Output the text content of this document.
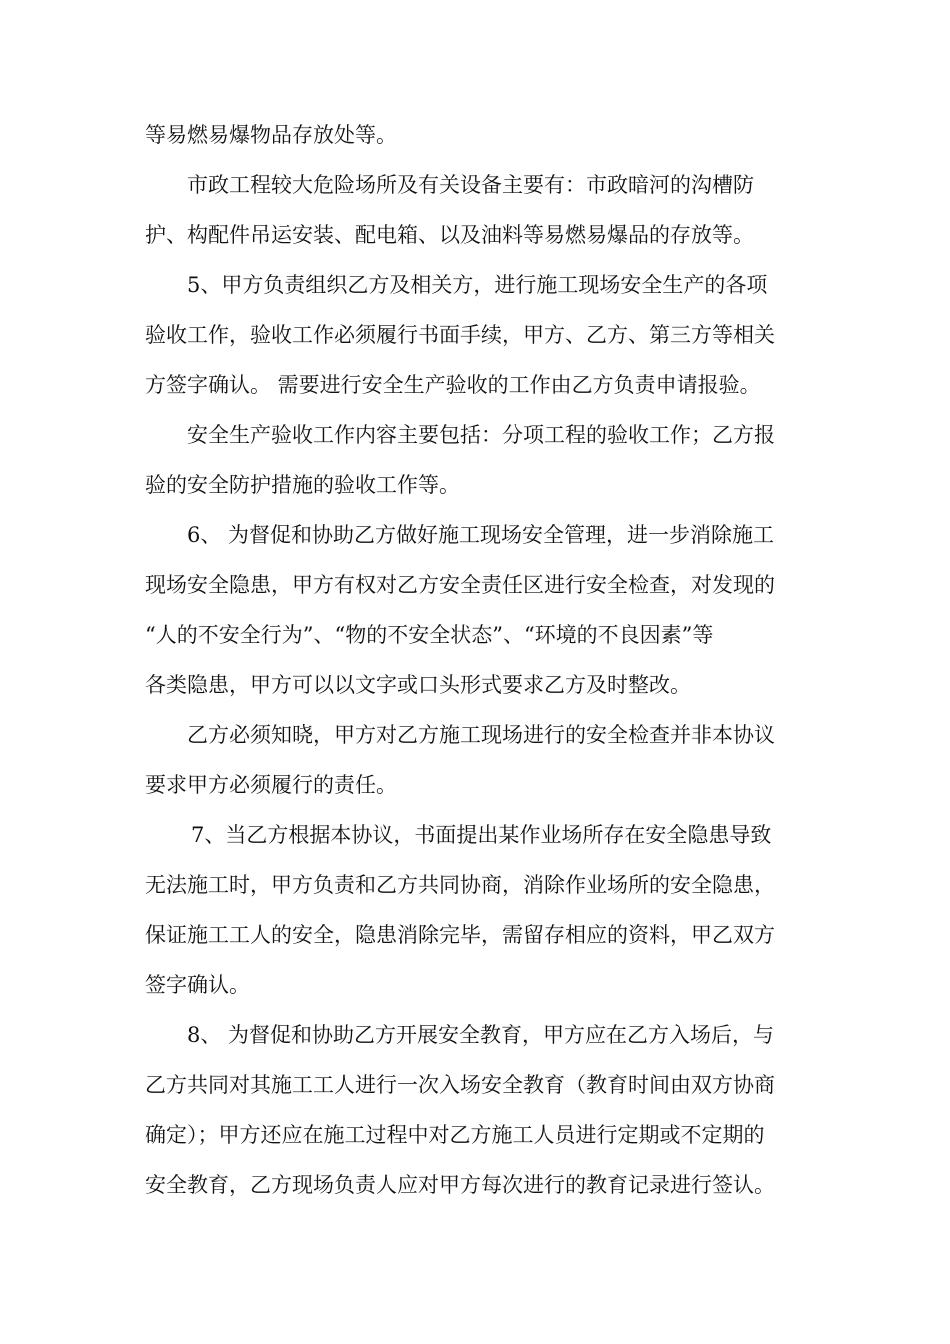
等易燃易爆物品存放处等。
市政工程较大危险场所及有关设备主要有：市政暗河的沟槽防
护、构配件吊运安装、配电箱、以及油料等易燃易爆品的存放等。
5、甲方负责组织乙方及相关方，进行施工现场安全生产的各项
验收工作，验收工作必须履行书面手续，甲方、乙方、第三方等相关
方签字确认。 需要进行安全生产验收的工作由乙方负责申请报验。
安全生产验收工作内容主要包括：分项工程的验收工作；乙方报
验的安全防护措施的验收工作等。
6、 为督促和协助乙方做好施工现场安全管理，进一步消除施工
现场安全隐患，甲方有权对乙方安全责任区进行安全检查，对发现的
“人的不安全行为”、“物的不安全状态”、“环境的不良因素”等
各类隐患，甲方可以以文字或口头形式要求乙方及时整改。
乙方必须知晓，甲方对乙方施工现场进行的安全检查并非本协议
要求甲方必须履行的责任。
7、当乙方根据本协议，书面提出某作业场所存在安全隐患导致
无法施工时，甲方负责和乙方共同协商，消除作业场所的安全隐患，
保证施工工人的安全，隐患消除完毕，需留存相应的资料，甲乙双方
签字确认。
8、 为督促和协助乙方开展安全教育，甲方应在乙方入场后，与
乙方共同对其施工工人进行一次入场安全教育（教育时间由双方协商
确定）；甲方还应在施工过程中对乙方施工人员进行定期或不定期的
安全教育，乙方现场负责人应对甲方每次进行的教育记录进行签认。
